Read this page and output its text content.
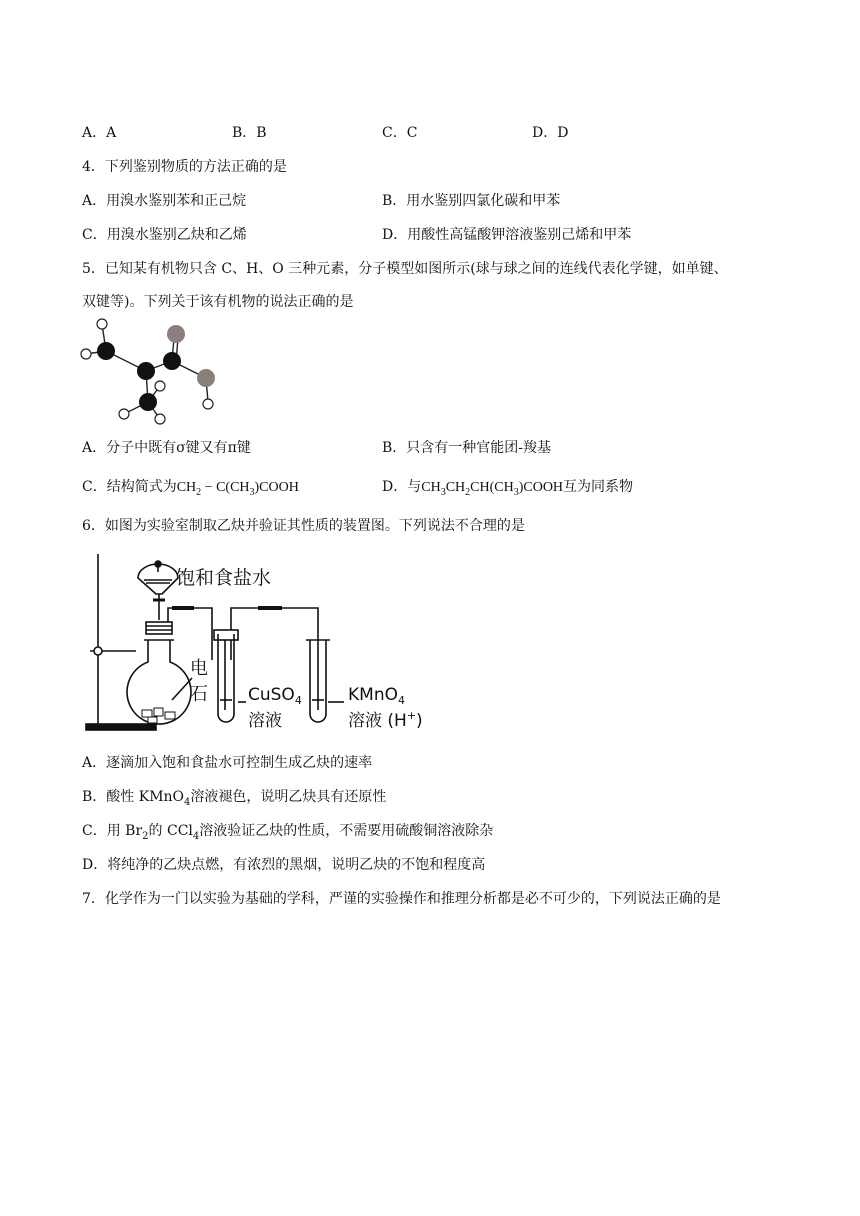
A．A	B．B	C．C	D．D
4．下列鉴别物质的方法正确的是
A．用溴水鉴别苯和正己烷	B．用水鉴别四氯化碳和甲苯
C．用溴水鉴别乙炔和乙烯	D．用酸性高锰酸钾溶液鉴别己烯和甲苯
5．已知某有机物只含 C、H、O 三种元素，分子模型如图所示(球与球之间的连线代表化学键，如单键、
双键等)。下列关于该有机物的说法正确的是
A．分子中既有σ键又有π键	B．只含有一种官能团-羧基
C．结构简式为$CH_2$ − $C(CH_3)COOH$	D．与$CH_3CH_2CH(CH_3)COOH$互为同系物
6．如图为实验室制取乙炔并验证其性质的装置图。下列说法不合理的是
饱和食盐水
电
石 CuSO$_4$
溶液
KMnO$_4$
溶液 (H+)
A．逐滴加入饱和食盐水可控制生成乙炔的速率
B．酸性 KMnO$_4$溶液褪色，说明乙炔具有还原性
C．用 $Br_2$的 CCl$_4$溶液验证乙炔的性质，不需要用硫酸铜溶液除杂
D．将纯净的乙炔点燃，有浓烈的黑烟，说明乙炔的不饱和程度高
7．化学作为一门以实验为基础的学科，严谨的实验操作和推理分析都是必不可少的，下列说法正确的是
